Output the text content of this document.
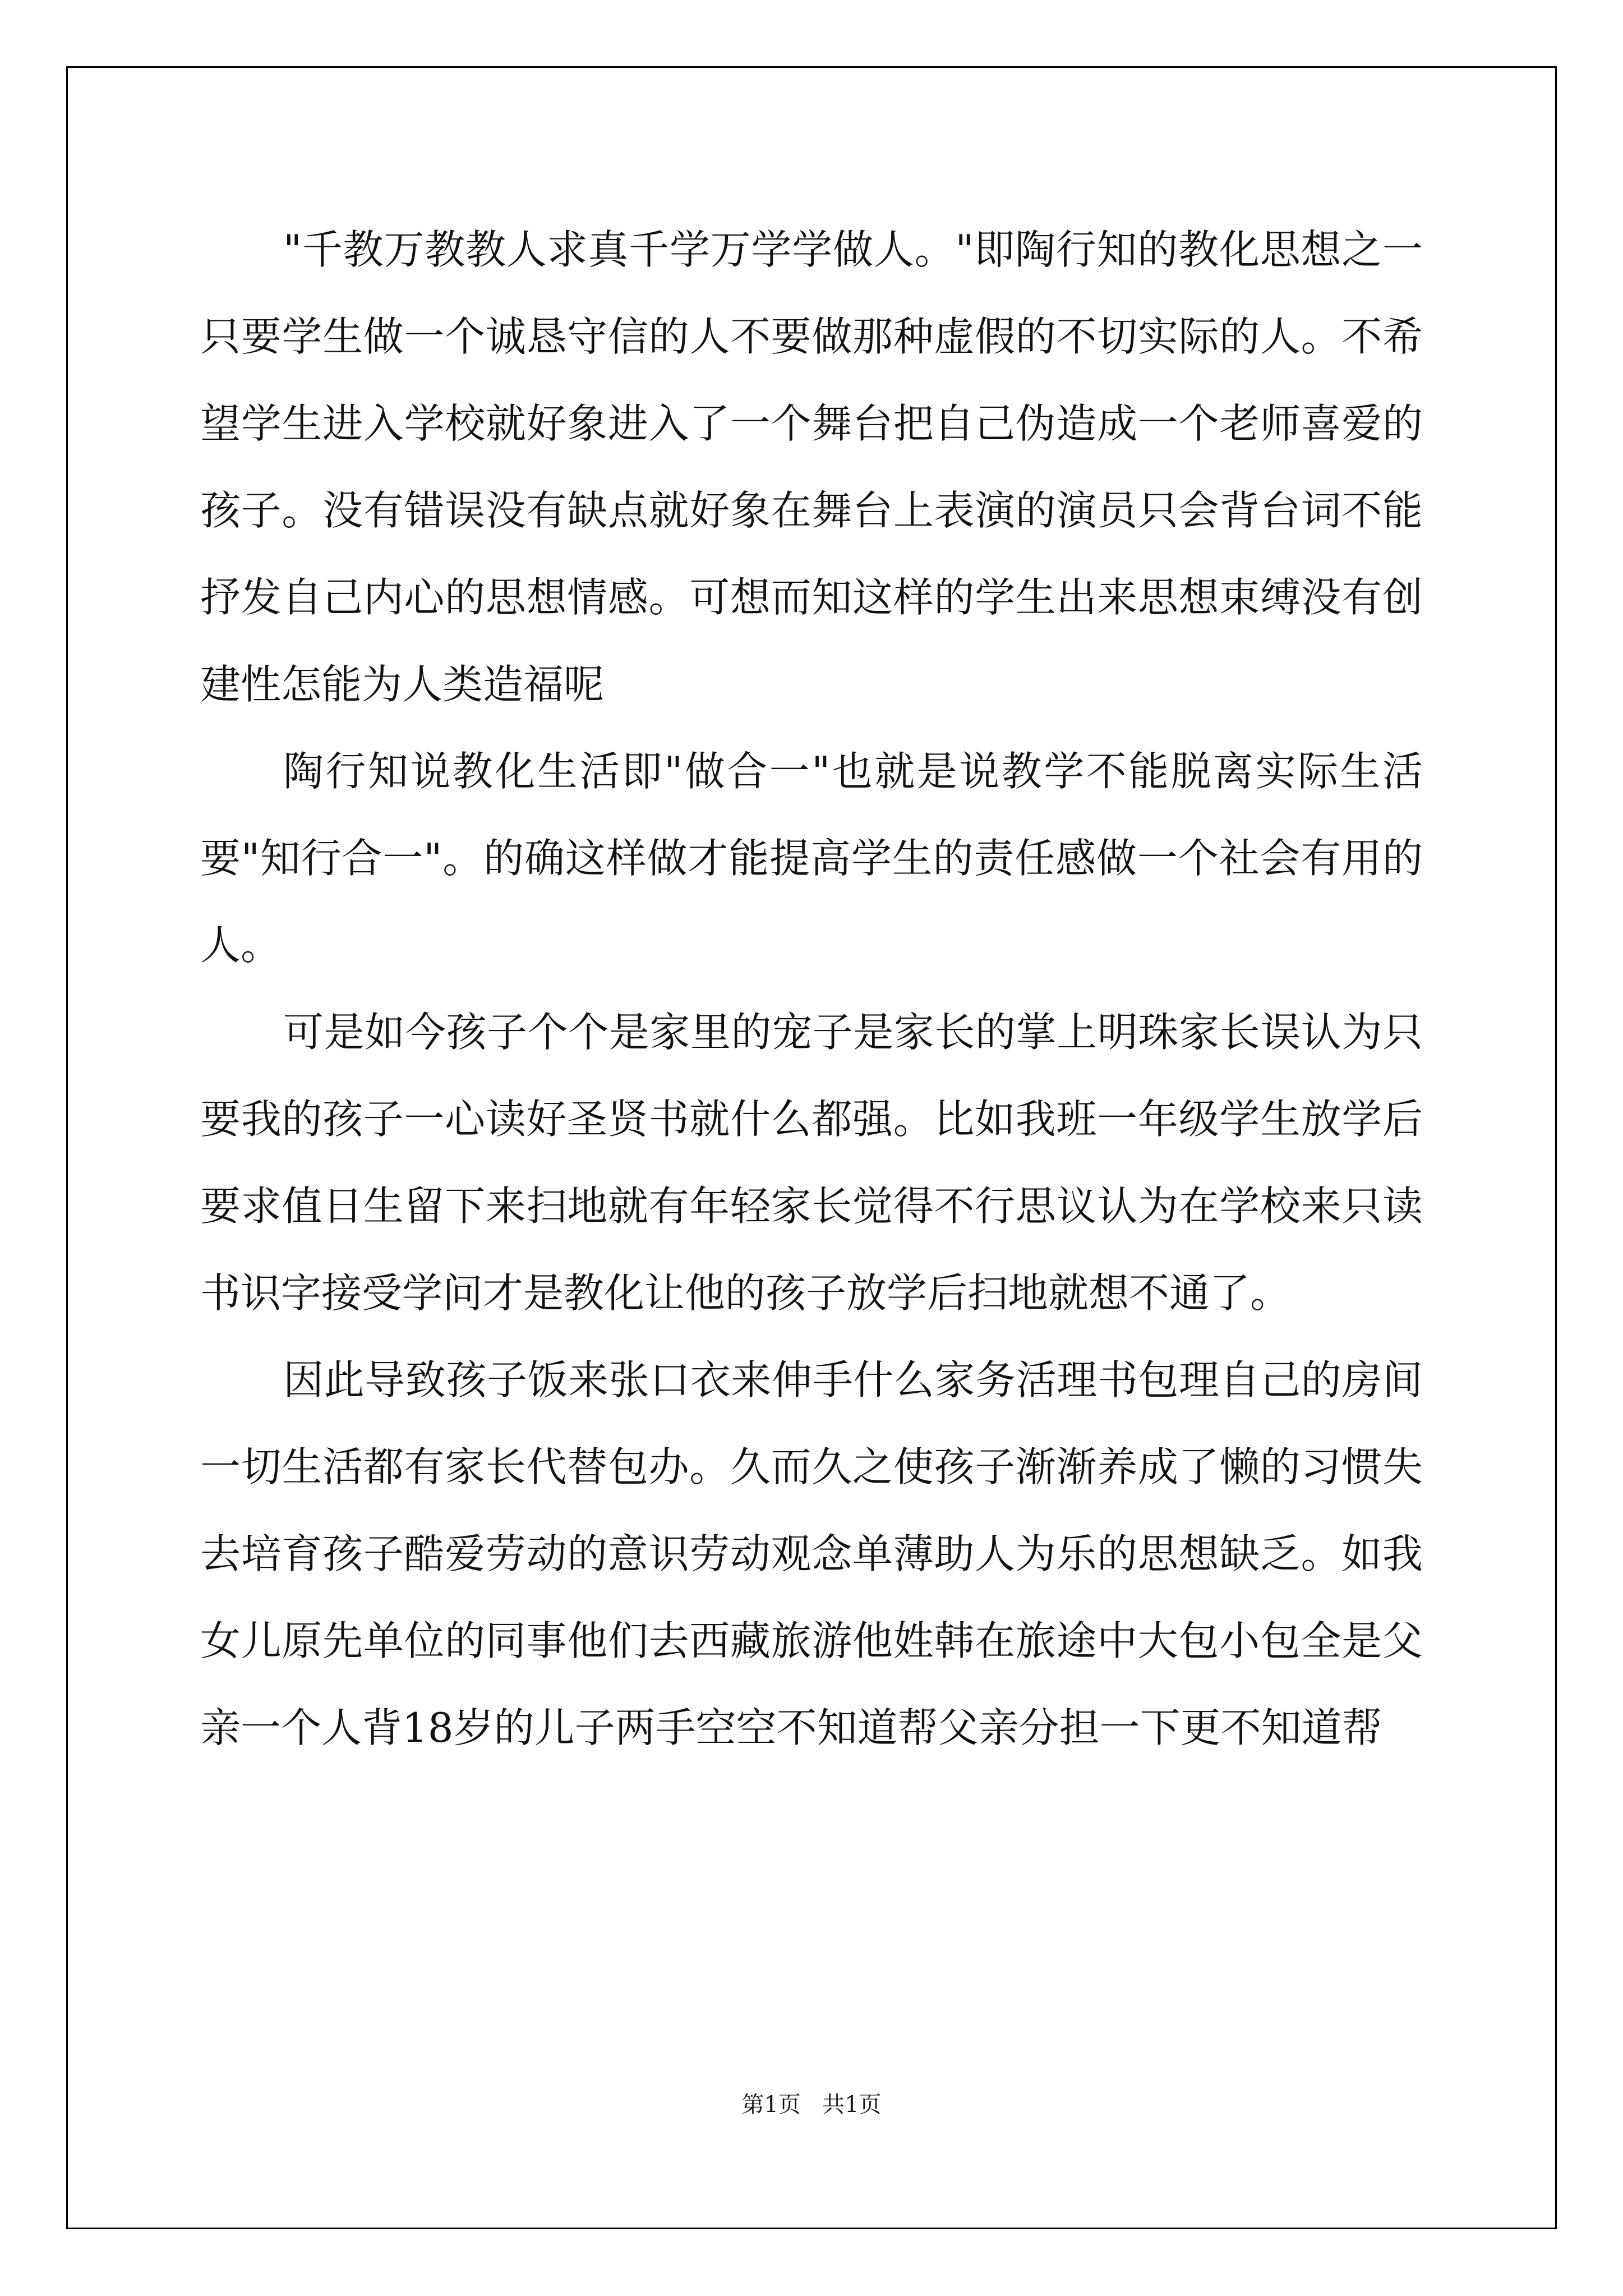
"千教万教教人求真千学万学学做人。"即陶行知的教化思想之一只要学生做一个诚恳守信的人不要做那种虚假的不切实际的人。不希望学生进入学校就好象进入了一个舞台把自己伪造成一个老师喜爱的孩子。没有错误没有缺点就好象在舞台上表演的演员只会背台词不能抒发自己内心的思想情感。可想而知这样的学生出来思想束缚没有创建性怎能为人类造福呢

陶行知说教化生活即"做合一"也就是说教学不能脱离实际生活要"知行合一"。的确这样做才能提高学生的责任感做一个社会有用的人。

可是如今孩子个个是家里的宠子是家长的掌上明珠家长误认为只要我的孩子一心读好圣贤书就什么都强。比如我班一年级学生放学后要求值日生留下来扫地就有年轻家长觉得不行思议认为在学校来只读书识字接受学问才是教化让他的孩子放学后扫地就想不通了。

因此导致孩子饭来张口衣来伸手什么家务活理书包理自己的房间一切生活都有家长代替包办。久而久之使孩子渐渐养成了懒的习惯失去培育孩子酷爱劳动的意识劳动观念单薄助人为乐的思想缺乏。如我女儿原先单位的同事他们去西藏旅游他姓韩在旅途中大包小包全是父亲一个人背18岁的儿子两手空空不知道帮父亲分担一下更不知道帮

第1页 共1页
